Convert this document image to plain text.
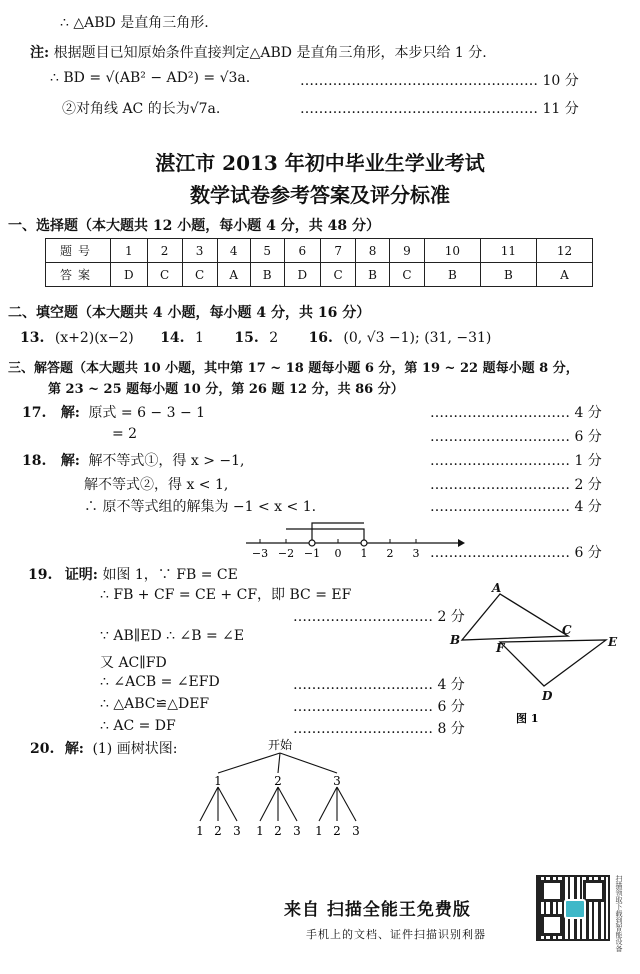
∴ △ABD 是直角三角形.
注: 根据题目已知原始条件直接判定△ABD 是直角三角形，本步只给 1 分.
∴ BD = √(AB² − AD²) = √3a.	…………………………………………… 10 分
②对角线 AC 的长为√7a.	…………………………………………… 11 分
湛江市 2013 年初中毕业生学业考试
数学试卷参考答案及评分标准
一、选择题（本大题共 12 小题，每小题 4 分，共 48 分）
题号	1	2	3	4	5	6	7	8	9	10	11	12
答案	D	C	C	A	B	D	C	B	C	B	B	A
二、填空题（本大题共 4 小题，每小题 4 分，共 16 分）
13. (x+2)(x−2) 14. 1 15. 2 16. (0, √3 −1); (31, −31)
三、解答题（本大题共 10 小题，其中第 17 ~ 18 题每小题 6 分，第 19 ~ 22 题每小题 8 分，
第 23 ~ 25 题每小题 10 分，第 26 题 12 分，共 86 分）
17. 解: 原式 = 6 − 3 − 1	………………………… 4 分
= 2	………………………… 6 分
18. 解: 解不等式①，得 x > −1,	………………………… 1 分
解不等式②，得 x < 1,	………………………… 2 分
∴ 原不等式组的解集为 −1 < x < 1.	………………………… 4 分
−3 −2 −1 0 1 2 3 ………………………… 6 分
19. 证明: 如图 1，∵ FB = CE
∴ FB + CF = CE + CF，即 BC = EF
………………………… 2 分
∵ AB∥ED ∴ ∠B = ∠E
又 AC∥FD
∴ ∠ACB = ∠EFD	………………………… 4 分
∴ △ABC≌△DEF	………………………… 6 分
∴ AC = DF	………………………… 8 分
A
B
C
D
E
F
图 1
20. 解: (1) 画树状图:	开始
1	2	3
1 2 3 1 2 3 1 2 3
来自 扫描全能王免费版
手机上的文档、证件扫描识别利器	扫描领取下载到智能设备
